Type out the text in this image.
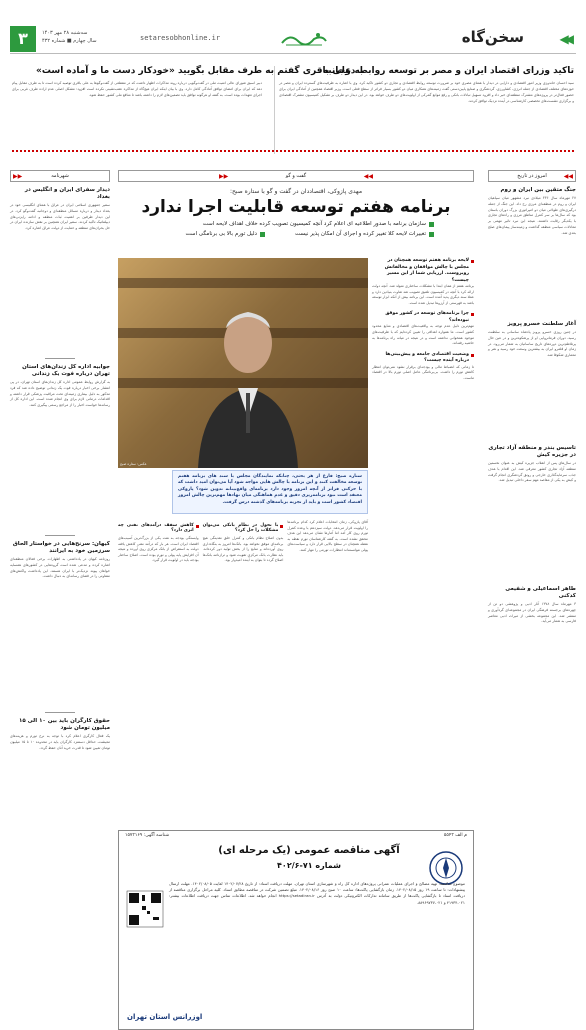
۳	سه‌شنبه ۲۸ مهر ۱۴۰۳
سال چهارم ■ شماره ۴۳۲	setaresobhonline.ir	سخن‌گاه	◀◀
تاکید وزرای اقتصاد ایران و مصر بر توسعه روابط دوجانبه
سید احسان خاندوزی وزیر امور اقتصادی و دارایی در دیدار با همتای مصری خود بر ضرورت توسعه روابط اقتصادی و تجاری دو کشور تاکید کرد. وی با اشاره به ظرفیت‌های گسترده ایران و مصر در حوزه‌های مختلف اقتصادی از جمله انرژی، کشاورزی، گردشگری و صنایع پایین‌دستی گفت زمینه‌های همکاری میان دو کشور بسیار فراتر از سطح فعلی است. وزیر اقتصاد همچنین از آمادگی ایران برای حضور فعال‌تر در پروژه‌های مشترک منطقه‌ای خبر داد و افزود تسهیل تبادلات بانکی و رفع موانع گمرکی از اولویت‌های دو طرف خواهد بود. در این دیدار دو طرف بر تشکیل کمیسیون مشترک اقتصادی و برگزاری نشست‌های تخصصی کارشناسی در آینده نزدیک توافق کردند.
به علی باقری گفتم به طرف مقابل بگویید «خودکار دست ما و آماده است»
دبیر اسبق شورای عالی امنیت ملی در گفت‌وگویی درباره روند مذاکرات اظهار داشت که در مقطعی از گفت‌وگوها به علی باقری توصیه کرده است تا به طرف مقابل پیام دهد که ایران برای امضای توافق آمادگی کامل دارد. وی با بیان اینکه ایران هیچ‌گاه از مذاکره عقب‌نشینی نکرده است افزود: مشکل اصلی عدم اراده طرف غربی برای اجرای تعهدات بوده است. به گفته او هرگونه توافق باید تضمین‌های لازم را داشته باشد تا منافع ملی کشور حفظ شود.
◀◀
امروز در تاریخ
جنگ متقین بین ایران و روم
۲۷ مهرماه سال ۴۳۶ میلادی نبرد مشهور میان سپاهیان ایران و روم در منطقه‌ای مرزی رخ داد. این جنگ از جمله درگیری‌های طولانی میان دو امپراتوری بزرگ دوران باستان بود که سال‌ها بر سر کنترل مناطق مرزی و راه‌های تجاری با یکدیگر رقابت داشتند. نتیجه این نبرد تاثیر مهمی بر معادلات سیاسی منطقه گذاشت و زمینه‌ساز پیمان‌های صلح بعدی شد.
آغاز سلطنت خسرو پرویز
در چنین روزی خسرو پرویز پادشاه ساسانی به سلطنت رسید. دوران فرمانروایی او از پرشکوه‌ترین و در عین حال پرتلاطم‌ترین دوره‌های تاریخ ساسانیان به شمار می‌رود. در زمان او قلمرو ایران به بیشترین وسعت خود رسید و هنر و معماری شکوفا شد.
تاسیس بندر و منطقه آزاد تجاری در جزیره کیش
در سال‌های پس از انقلاب جزیره کیش به عنوان نخستین منطقه آزاد تجاری کشور معرفی شد. این اقدام با هدف جذب سرمایه‌گذاری خارجی و رونق گردشگری انجام گرفت و کیش به یکی از مقاصد مهم سفر داخلی تبدیل شد.
طاهر اسماعیلی و شفیعی کدکنی
۳ مهرماه سال ۱۳۷۸ آثار ادبی و پژوهشی دو تن از چهره‌های برجسته فرهنگی ایران در مجموعه‌ای گردآوری و منتشر شد. این مجموعه بخشی از میراث ادبی معاصر فارسی به شمار می‌آید.
▶▶	شهرنامه
دیدار سفرای ایران و انگلیس در بغداد
سفیر جمهوری اسلامی ایران در عراق با همتای انگلیسی خود در بغداد دیدار و درباره مسائل منطقه‌ای و دوجانبه گفت‌وگو کرد. در این دیدار طرفین بر اهمیت ثبات منطقه و ادامه رایزنی‌های دیپلماتیک تاکید کردند. سفیر ایران همچنین بر نقش سازنده ایران در حل بحران‌های منطقه و حمایت از دولت عراق اشاره کرد.
جوابیه اداره کل زندان‌های استان تهران درباره فوت یک زندانی
به گزارش روابط عمومی اداره کل زندان‌های استان تهران، در پی انتشار برخی اخبار درباره فوت یک زندانی توضیح داده شد که فرد مذکور به دلیل بیماری زمینه‌ای تحت مراقبت پزشکی قرار داشته و اقدامات درمانی لازم برای وی انجام شده است. این اداره کل از رسانه‌ها خواست اخبار را از مراجع رسمی پیگیری کنند.
کیهان: سرنخ‌هایی در خواستار الحاق سرزمین خود به ایرانند
روزنامه کیهان در یادداشتی به اظهارات برخی فعالان منطقه‌ای اشاره کرده و مدعی شده است گروه‌هایی در کشورهای همسایه خواهان پیوند نزدیک‌تر با ایران هستند. این یادداشت واکنش‌های متفاوتی را در فضای رسانه‌ای به دنبال داشت.
حقوق کارگران باید بین ۱۰ الی ۱۵ میلیون تومان شود
یک فعال کارگری اعلام کرد با توجه به نرخ تورم و هزینه‌های معیشت، حداقل دستمزد کارگران باید در محدوده ۱۰ تا ۱۵ میلیون تومان تعیین شود تا قدرت خرید آنان حفظ گردد.
◀◀
گفت و گو
▶▶
مهدی پازوکی، اقتصاددان در گفت و گو با ستاره صبح:
برنامه هفتم توسعه قابلیت اجرا ندارد
سازمان برنامه با صدور اطلاعیه ای اعلام کرد آنچه کمیسیون تصویب کرده خلاف اهداف لایحه است
تغییرات لایحه کلا تغییر کرده و اجرای آن امکان پذیر نیست
دلیل تورم بالا بی برنامگی است
عکس: ستاره صبح
لایحه برنامه هفتم توسعه همچنان در مجلس با چالش موافقان و مخالفانش روبروست. ارزیابی شما از این مسیر چیست؟
برنامه هفتم از همان ابتدا با مشکلات ساختاری متولد شد. آنچه دولت ارائه کرد با آنچه در کمیسیون تلفیق تصویب شد تفاوت بنیادین دارد و عملا سند دیگری پدید آمده است. این برنامه بیش از آنکه ابزار توسعه باشد به فهرستی از آرزوها تبدیل شده است.
چرا برنامه‌های توسعه در کشور موفق نبوده‌اند؟
مهم‌ترین دلیل عدم توجه به واقعیت‌های اقتصادی و منابع محدود کشور است. ما همواره اهدافی را تعیین کرده‌ایم که با ظرفیت‌های موجود همخوانی نداشته است و در نتیجه در میانه راه برنامه‌ها به حاشیه رفته‌اند.
وضعیت اقتصادی جامعه و پیش‌بینی‌ها درباره آینده چیست؟
تا زمانی که انضباط مالی و بودجه‌ای برقرار نشود نمی‌توان انتظار کاهش تورم را داشت. بی‌برنامگی عامل اصلی تورم بالا در اقتصاد ماست.
ستاره صبح: فارغ از هر بحثی، چنانکه نمایندگان مجلس با سند های برنامه هفتم توسعه مخالفت کنند و این برنامه با چالش هایی مواجه شود آیا می‌توان امید داشت که با حرکتی فراتر از آنچه امروز وجود دارد برنامه‌ای واقع‌بینانه تدوین شود؟ پازوکی معتقد است نبود برنامه‌ریزی دقیق و عدم هماهنگی میان نهادها مهم‌ترین چالش امروز اقتصاد کشور است و باید از تجربه برنامه‌های گذشته درس گرفت.
آقای پازوکی، زمان انتخابات اعلام کرد کدام برنامه‌ها را اولویت قرار می‌دهد. دولت سیزدهم با وعده کنترل تورم روی کار آمد اما آمارها نشان می‌دهد این هدف محقق نشده است. به گفته کارشناسان تورم نقطه به نقطه همچنان در سطح بالایی قرار دارد و سیاست‌های پولی نتوانسته‌اند انتظارات تورمی را مهار کنند.
با تحول در نظام بانکی می‌توان مشکلات را حل کرد؟
بدون اصلاح نظام بانکی و کنترل خلق نقدینگی هیچ برنامه‌ای موفق نخواهد بود. بانک‌ها امروز به بنگاه‌داری روی آورده‌اند و منابع را از بخش تولید دور کرده‌اند. باید نظارت بانک مرکزی تقویت شود و ترازنامه بانک‌ها اصلاح گردد تا بتوان به آینده امیدوار بود.
کاهش سقف درآمدهای نفتی چه اثری دارد؟
وابستگی بودجه به نفت یکی از بزرگ‌ترین آسیب‌های اقتصاد ایران است. هر بار که درآمد نفتی کاهش یافته دولت به استقراض از بانک مرکزی روی آورده و نتیجه آن افزایش پایه پولی و تورم بوده است. اصلاح ساختار بودجه باید در اولویت قرار گیرد.
م الف ۵۵۴۲
شناسه آگهی: ۱۵۷۲۱۶۹
آگهی مناقصه عمومی (یک مرحله ای)
شماره ۷۱-۴۰۲/۶
موضوع مناقصه: تهیه مصالح و اجرای عملیات عمرانی پروژه‌های اداره کل راه و شهرسازی استان تهران. مهلت دریافت اسناد: از تاریخ ۱۴۰۲/۰۷/۲۸ لغایت ۱۴۰۲/۰۸/۰۵. مهلت ارسال پیشنهادات: تا ساعت ۱۹ روز ۱۴۰۲/۰۸/۱۵. زمان بازگشایی پاکت‌ها: ساعت ۱۰ صبح روز ۱۴۰۲/۰۸/۱۶. مبلغ تضمین شرکت در مناقصه مطابق اسناد. کلیه مراحل برگزاری مناقصه از دریافت اسناد تا بازگشایی پاکت‌ها از طریق سامانه تدارکات الکترونیکی دولت به آدرس https://setadiran.ir انجام خواهد شد. اطلاعات تماس جهت دریافت اطلاعات بیشتر: ۰۲۱-۴۱۹۳۴ و ۰۲۱-۸۸۹۶۹۷۳۷.
اوزرانس استان تهران
